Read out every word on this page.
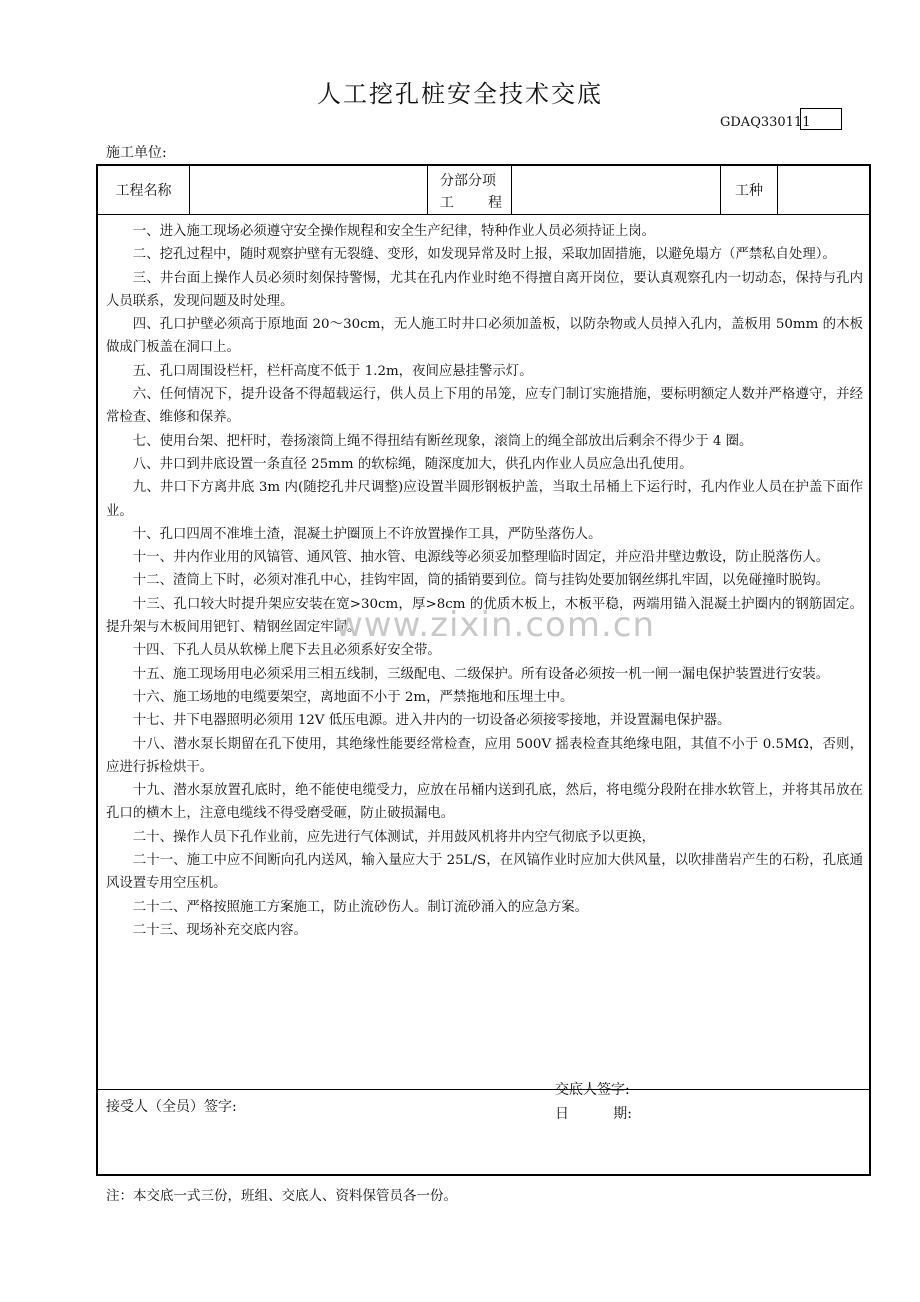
人工挖孔桩安全技术交底
GDAQ330111
施工单位:
工程名称
分部分项
工 程
工种

一、进入施工现场必须遵守安全操作规程和安全生产纪律，特种作业人员必须持证上岗。

二、挖孔过程中，随时观察护壁有无裂缝、变形，如发现异常及时上报，采取加固措施，以避免塌方（严禁私自处理）。

三、井台面上操作人员必须时刻保持警惕，尤其在孔内作业时绝不得擅自离开岗位，要认真观察孔内一切动态，保持与孔内人员联系，发现问题及时处理。

四、孔口护壁必须高于原地面 20～30cm，无人施工时井口必须加盖板，以防杂物或人员掉入孔内，盖板用 50mm 的木板做成门板盖在洞口上。

五、孔口周围设栏杆，栏杆高度不低于 1.2m，夜间应悬挂警示灯。

六、任何情况下，提升设备不得超载运行，供人员上下用的吊笼，应专门制订实施措施，要标明额定人数并严格遵守，并经常检查、维修和保养。

七、使用台架、把杆时，卷扬滚筒上绳不得扭结有断丝现象，滚筒上的绳全部放出后剩余不得少于 4 圈。

八、井口到井底设置一条直径 25mm 的软棕绳，随深度加大，供孔内作业人员应急出孔使用。

九、井口下方离井底 3m 内(随挖孔井尺调整)应设置半圆形钢板护盖，当取土吊桶上下运行时，孔内作业人员在护盖下面作业。

十、孔口四周不准堆土渣，混凝土护圈顶上不许放置操作工具，严防坠落伤人。

十一、井内作业用的风镐管、通风管、抽水管、电源线等必须妥加整理临时固定，并应沿井壁边敷设，防止脱落伤人。

十二、渣筒上下时，必须对准孔中心，挂钩牢固，筒的插销要到位。筒与挂钩处要加钢丝绑扎牢固，以免碰撞时脱钩。

十三、孔口较大时提升架应安装在宽>30cm，厚>8cm 的优质木板上，木板平稳，两端用锚入混凝土护圈内的钢筋固定。提升架与木板间用钯钉、精钢丝固定牢固。

十四、下孔人员从软梯上爬下去且必须系好安全带。

十五、施工现场用电必须采用三相五线制，三级配电、二级保护。所有设备必须按一机一闸一漏电保护装置进行安装。

十六、施工场地的电缆要架空，离地面不小于 2m，严禁拖地和压埋土中。

十七、井下电器照明必须用 12V 低压电源。进入井内的一切设备必须接零接地，并设置漏电保护器。

十八、潜水泵长期留在孔下使用，其绝缘性能要经常检查，应用 500V 摇表检查其绝缘电阻，其值不小于 0.5MΩ，否则，应进行拆检烘干。

十九、潜水泵放置孔底时，绝不能使电缆受力，应放在吊桶内送到孔底，然后，将电缆分段附在排水软管上，并将其吊放在孔口的横木上，注意电缆线不得受磨受砸，防止破损漏电。

二十、操作人员下孔作业前，应先进行气体测试，并用鼓风机将井内空气彻底予以更换，

二十一、施工中应不间断向孔内送风，输入量应大于 25L/S，在风镐作业时应加大供风量，以吹排凿岩产生的石粉，孔底通风设置专用空压机。

二十二、严格按照施工方案施工，防止流砂伤人。制订流砂涌入的应急方案。

二十三、现场补充交底内容。

交底人签字:
日	期:
接受人（全员）签字:
注：本交底一式三份，班组、交底人、资料保管员各一份。
www.zixin.com.cn
